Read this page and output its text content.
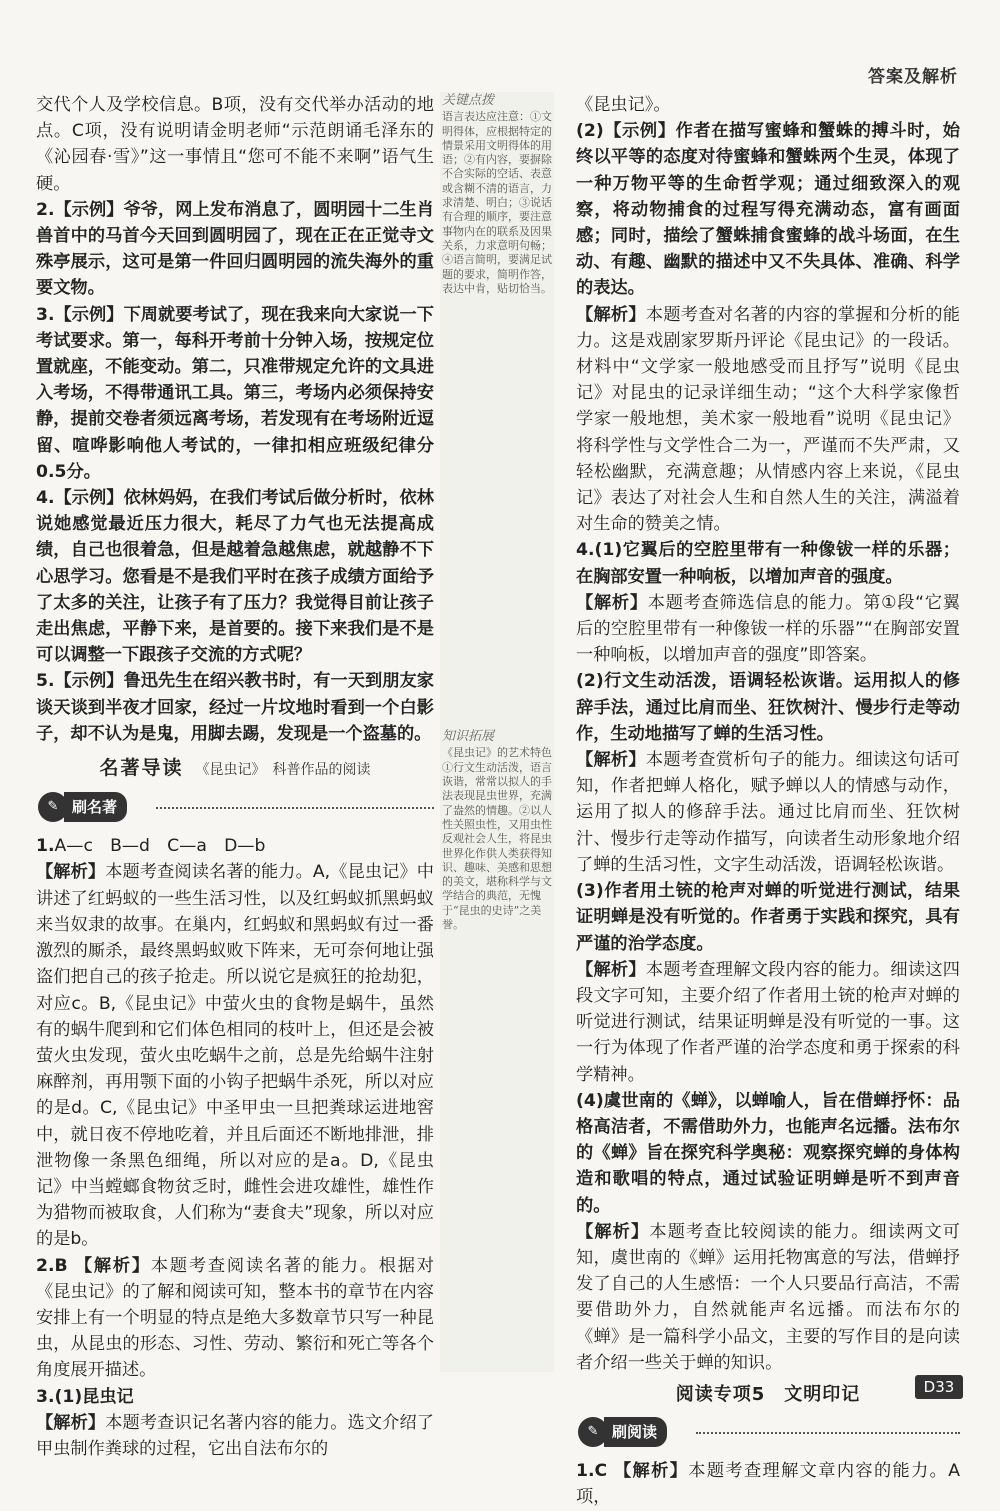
答案及解析

交代个人及学校信息。B项，没有交代举办活动的地点。C项，没有说明请金明老师“示范朗诵毛泽东的《沁园春·雪》”这一事情且“您可不能不来啊”语气生硬。

2.【示例】爷爷，网上发布消息了，圆明园十二生肖兽首中的马首今天回到圆明园了，现在正在正觉寺文殊亭展示，这可是第一件回归圆明园的流失海外的重要文物。

3.【示例】下周就要考试了，现在我来向大家说一下考试要求。第一，每科开考前十分钟入场，按规定位置就座，不能变动。第二，只准带规定允许的文具进入考场，不得带通讯工具。第三，考场内必须保持安静，提前交卷者须远离考场，若发现有在考场附近逗留、喧哗影响他人考试的，一律扣相应班级纪律分0.5分。

4.【示例】依林妈妈，在我们考试后做分析时，依林说她感觉最近压力很大，耗尽了力气也无法提高成绩，自己也很着急，但是越着急越焦虑，就越静不下心思学习。您看是不是我们平时在孩子成绩方面给予了太多的关注，让孩子有了压力？我觉得目前让孩子走出焦虑，平静下来，是首要的。接下来我们是不是可以调整一下跟孩子交流的方式呢？

5.【示例】鲁迅先生在绍兴教书时，有一天到朋友家谈天谈到半夜才回家，经过一片坟地时看到一个白影子，却不认为是鬼，用脚去踢，发现是一个盗墓的。

名著导读 《昆虫记》　科普作品的阅读
✎ 刷名著

1.A—c　B—d　C—a　D—b
【解析】本题考查阅读名著的能力。A,《昆虫记》中讲述了红蚂蚁的一些生活习性，以及红蚂蚁抓黑蚂蚁来当奴隶的故事。在巢内，红蚂蚁和黑蚂蚁有过一番激烈的厮杀，最终黑蚂蚁败下阵来，无可奈何地让强盗们把自己的孩子抢走。所以说它是疯狂的抢劫犯，对应c。B,《昆虫记》中萤火虫的食物是蜗牛，虽然有的蜗牛爬到和它们体色相同的枝叶上，但还是会被萤火虫发现，萤火虫吃蜗牛之前，总是先给蜗牛注射麻醉剂，再用颚下面的小钩子把蜗牛杀死，所以对应的是d。C,《昆虫记》中圣甲虫一旦把粪球运进地窖中，就日夜不停地吃着，并且后面还不断地排泄，排泄物像一条黑色细绳，所以对应的是a。D,《昆虫记》中当螳螂食物贫乏时，雌性会进攻雄性，雄性作为猎物而被取食，人们称为“妻食夫”现象，所以对应的是b。

2.B 【解析】本题考查阅读名著的能力。根据对《昆虫记》的了解和阅读可知，整本书的章节在内容安排上有一个明显的特点是绝大多数章节只写一种昆虫，从昆虫的形态、习性、劳动、繁衍和死亡等各个角度展开描述。

3.(1)昆虫记
【解析】本题考查识记名著内容的能力。选文介绍了甲虫制作粪球的过程，它出自法布尔的

关键点拨
语言表达应注意：①文明得体，应根据特定的情景采用文明得体的用语；②有内容，要摒除不合实际的空话、表意或含糊不清的语言，力求清楚、明白；③说话有合理的顺序，要注意事物内在的联系及因果关系，力求意明句畅；④语言简明，要满足试题的要求，简明作答，表达中肯，贴切恰当。
知识拓展
《昆虫记》的艺术特色①行文生动活泼，语言诙谐，常常以拟人的手法表现昆虫世界，充满了盎然的情趣。②以人性关照虫性，又用虫性反观社会人生，将昆虫世界化作供人类获得知识、趣味、美感和思想的美文，堪称科学与文学结合的典范，无愧于“昆虫的史诗”之美誉。

《昆虫记》。

(2)【示例】作者在描写蜜蜂和蟹蛛的搏斗时，始终以平等的态度对待蜜蜂和蟹蛛两个生灵，体现了一种万物平等的生命哲学观；通过细致深入的观察，将动物捕食的过程写得充满动态，富有画面感；同时，描绘了蟹蛛捕食蜜蜂的战斗场面，在生动、有趣、幽默的描述中又不失具体、准确、科学的表达。

【解析】本题考查对名著的内容的掌握和分析的能力。这是戏剧家罗斯丹评论《昆虫记》的一段话。材料中“文学家一般地感受而且抒写”说明《昆虫记》对昆虫的记录详细生动；“这个大科学家像哲学家一般地想，美术家一般地看”说明《昆虫记》将科学性与文学性合二为一，严谨而不失严肃，又轻松幽默，充满意趣；从情感内容上来说，《昆虫记》表达了对社会人生和自然人生的关注，满溢着对生命的赞美之情。

4.(1)它翼后的空腔里带有一种像钹一样的乐器；在胸部安置一种响板，以增加声音的强度。

【解析】本题考查筛选信息的能力。第①段“它翼后的空腔里带有一种像钹一样的乐器”“在胸部安置一种响板，以增加声音的强度”即答案。

(2)行文生动活泼，语调轻松诙谐。运用拟人的修辞手法，通过比肩而坐、狂饮树汁、慢步行走等动作，生动地描写了蝉的生活习性。

【解析】本题考查赏析句子的能力。细读这句话可知，作者把蝉人格化，赋予蝉以人的情感与动作，运用了拟人的修辞手法。通过比肩而坐、狂饮树汁、慢步行走等动作描写，向读者生动形象地介绍了蝉的生活习性，文字生动活泼，语调轻松诙谐。

(3)作者用土铳的枪声对蝉的听觉进行测试，结果证明蝉是没有听觉的。作者勇于实践和探究，具有严谨的治学态度。

【解析】本题考查理解文段内容的能力。细读这四段文字可知，主要介绍了作者用土铳的枪声对蝉的听觉进行测试，结果证明蝉是没有听觉的一事。这一行为体现了作者严谨的治学态度和勇于探索的科学精神。

(4)虞世南的《蝉》，以蝉喻人，旨在借蝉抒怀：品格高洁者，不需借助外力，也能声名远播。法布尔的《蝉》旨在探究科学奥秘：观察探究蝉的身体构造和歌唱的特点，通过试验证明蝉是听不到声音的。

【解析】本题考查比较阅读的能力。细读两文可知，虞世南的《蝉》运用托物寓意的写法，借蝉抒发了自己的人生感悟：一个人只要品行高洁，不需要借助外力，自然就能声名远播。而法布尔的《蝉》是一篇科学小品文，主要的写作目的是向读者介绍一些关于蝉的知识。

阅读专项5　文明印记
✎ 刷阅读

1.C 【解析】本题考查理解文章内容的能力。A项，

D33
